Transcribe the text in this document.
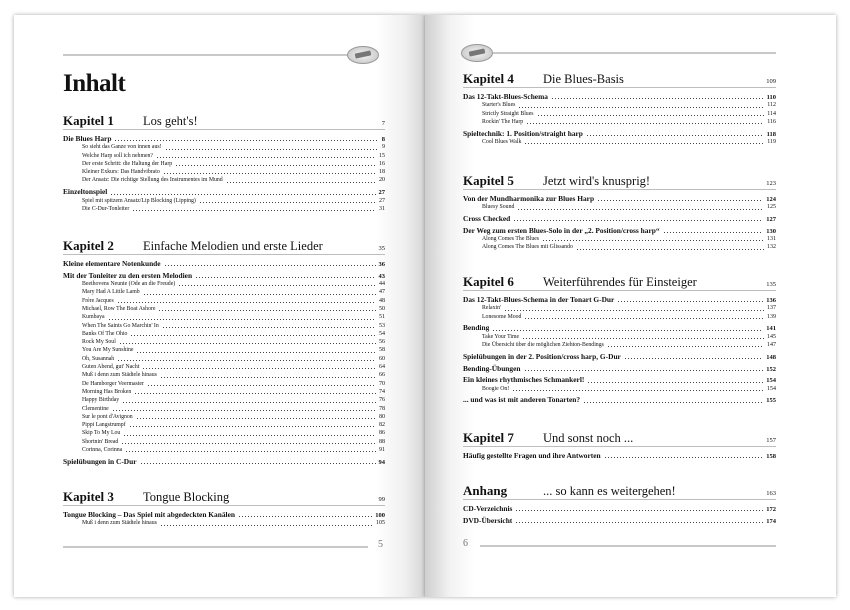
Inhalt
Kapitel 1	Los geht's!	7
Die Blues Harp	8
So sieht das Ganze von innen aus!	9
Welche Harp soll ich nehmen?	15
Der erste Schritt: die Haltung der Harp	16
Kleiner Exkurs: Das Handvibrato	18
Der Ansatz: Die richtige Stellung des Instrumentes im Mund	20
Einzeltonspiel	27
Spiel mit spitzem Ansatz/Lip Blocking (Lipping)	27
Die C-Dur-Tonleiter	31
Kapitel 2	Einfache Melodien und erste Lieder	35
Kleine elementare Notenkunde	36
Mit der Tonleiter zu den ersten Melodien	43
Beethovens Neunte (Ode an die Freude)	44
Mary Had A Little Lamb	47
Frère Jacques	48
Michael, Row The Boat Ashore	50
Kumbaya	51
When The Saints Go Marchin' In	53
Banks Of The Ohio	54
Rock My Soul	56
You Are My Sunshine	58
Oh, Susannah	60
Guten Abend, gut' Nacht	64
Muß i denn zum Städtele hinaus	66
De Hamborger Veermaster	70
Morning Has Broken	74
Happy Birthday	76
Clementine	78
Sur le pont d'Avignon	80
Pippi Langstrumpf	82
Skip To My Lou	86
Shortnin' Bread	88
Corinna, Corinna	91
Spielübungen in C-Dur	94
Kapitel 3	Tongue Blocking	99
Tongue Blocking – Das Spiel mit abgedeckten Kanälen	100
Muß i denn zum Städtele hinaus	105
5
Kapitel 4	Die Blues-Basis	109
Das 12-Takt-Blues-Schema	110
Starter's Blues	112
Strictly Straight Blues	114
Rockin' The Harp	116
Spieltechnik: 1. Position/straight harp	118
Cool Blues Walk	119
Kapitel 5	Jetzt wird's knusprig!	123
Von der Mundharmonika zur Blues Harp	124
Bluesy Sound	125
Cross Checked	127
Der Weg zum ersten Blues-Solo in der „2. Position/cross harp“	130
Along Comes The Blues	131
Along Comes The Blues mit Glissando	132
Kapitel 6	Weiterführendes für Einsteiger	135
Das 12-Takt-Blues-Schema in der Tonart G-Dur	136
Relaxin'	137
Lonesome Mood	139
Bending	141
Take Your Time	145
Die Übersicht über die möglichen Ziehton-Bendings	147
Spielübungen in der 2. Position/cross harp, G-Dur	148
Bending-Übungen	152
Ein kleines rhythmisches Schmankerl!	154
Boogie On!	154
... und was ist mit anderen Tonarten?	155
Kapitel 7	Und sonst noch ...	157
Häufig gestellte Fragen und ihre Antworten	158
Anhang	... so kann es weitergehen!	163
CD-Verzeichnis	172
DVD-Übersicht	174
6
